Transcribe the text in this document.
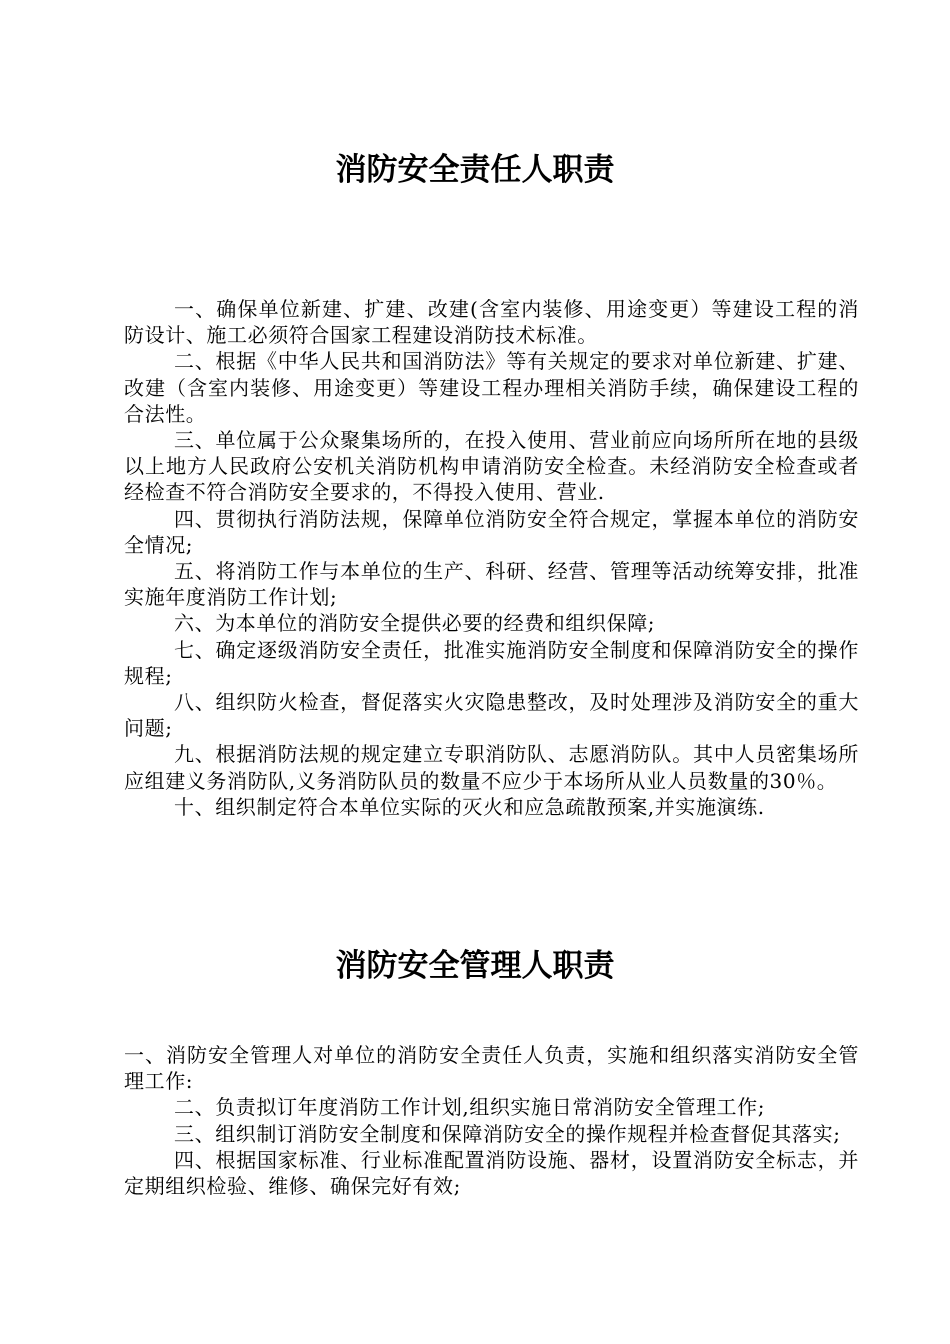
消防安全责任人职责

一、确保单位新建、扩建、改建(含室内装修、用途变更）等建设工程的消防设计、施工必须符合国家工程建设消防技术标准。

二、根据《中华人民共和国消防法》等有关规定的要求对单位新建、扩建、改建（含室内装修、用途变更）等建设工程办理相关消防手续，确保建设工程的合法性。

三、单位属于公众聚集场所的，在投入使用、营业前应向场所所在地的县级以上地方人民政府公安机关消防机构申请消防安全检查。未经消防安全检查或者经检查不符合消防安全要求的，不得投入使用、营业.

四、贯彻执行消防法规，保障单位消防安全符合规定，掌握本单位的消防安全情况;

五、将消防工作与本单位的生产、科研、经营、管理等活动统筹安排，批准实施年度消防工作计划;

六、为本单位的消防安全提供必要的经费和组织保障;

七、确定逐级消防安全责任，批准实施消防安全制度和保障消防安全的操作规程;

八、组织防火检查，督促落实火灾隐患整改，及时处理涉及消防安全的重大问题;

九、根据消防法规的规定建立专职消防队、志愿消防队。其中人员密集场所应组建义务消防队,义务消防队员的数量不应少于本场所从业人员数量的30％。

十、组织制定符合本单位实际的灭火和应急疏散预案,并实施演练.

消防安全管理人职责

一、消防安全管理人对单位的消防安全责任人负责，实施和组织落实消防安全管理工作:

二、负责拟订年度消防工作计划,组织实施日常消防安全管理工作;

三、组织制订消防安全制度和保障消防安全的操作规程并检查督促其落实;

四、根据国家标准、行业标准配置消防设施、器材，设置消防安全标志，并定期组织检验、维修、确保完好有效;
